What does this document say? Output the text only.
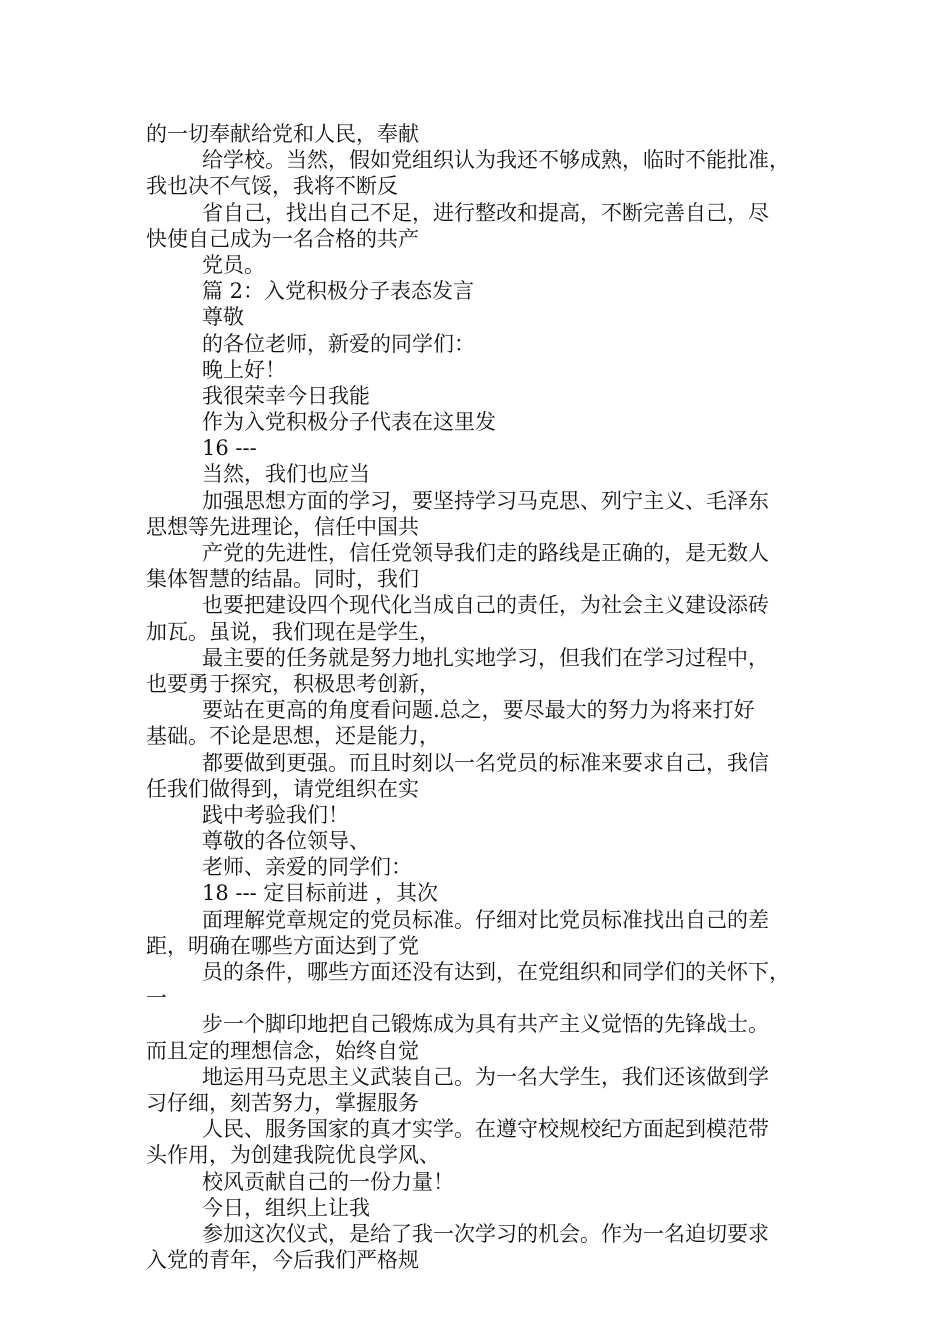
的一切奉献给党和人民，奉献
给学校。当然，假如党组织认为我还不够成熟，临时不能批准，
我也决不气馁，我将不断反
省自己，找出自己不足，进行整改和提高，不断完善自己，尽
快使自己成为一名合格的共产
党员。
篇 2：入党积极分子表态发言
尊敬
的各位老师，新爱的同学们：
晚上好！
我很荣幸今日我能
作为入党积极分子代表在这里发
16 ---
当然，我们也应当
加强思想方面的学习，要坚持学习马克思、列宁主义、毛泽东
思想等先进理论，信任中国共
产党的先进性，信任党领导我们走的路线是正确的，是无数人
集体智慧的结晶。同时，我们
也要把建设四个现代化当成自己的责任，为社会主义建设添砖
加瓦。虽说，我们现在是学生，
最主要的任务就是努力地扎实地学习，但我们在学习过程中，
也要勇于探究，积极思考创新，
要站在更高的角度看问题.总之，要尽最大的努力为将来打好
基础。不论是思想，还是能力，
都要做到更强。而且时刻以一名党员的标准来要求自己，我信
任我们做得到，请党组织在实
践中考验我们！
尊敬的各位领导、
老师、亲爱的同学们：
18 --- 定目标前进 ，其次
面理解党章规定的党员标准。仔细对比党员标准找出自己的差
距，明确在哪些方面达到了党
员的条件，哪些方面还没有达到，在党组织和同学们的关怀下，
一
步一个脚印地把自己锻炼成为具有共产主义觉悟的先锋战士。
而且定的理想信念，始终自觉
地运用马克思主义武装自己。为一名大学生，我们还该做到学
习仔细，刻苦努力，掌握服务
人民、服务国家的真才实学。在遵守校规校纪方面起到模范带
头作用，为创建我院优良学风、
校风贡献自己的一份力量！
今日，组织上让我
参加这次仪式，是给了我一次学习的机会。作为一名迫切要求
入党的青年，今后我们严格规
